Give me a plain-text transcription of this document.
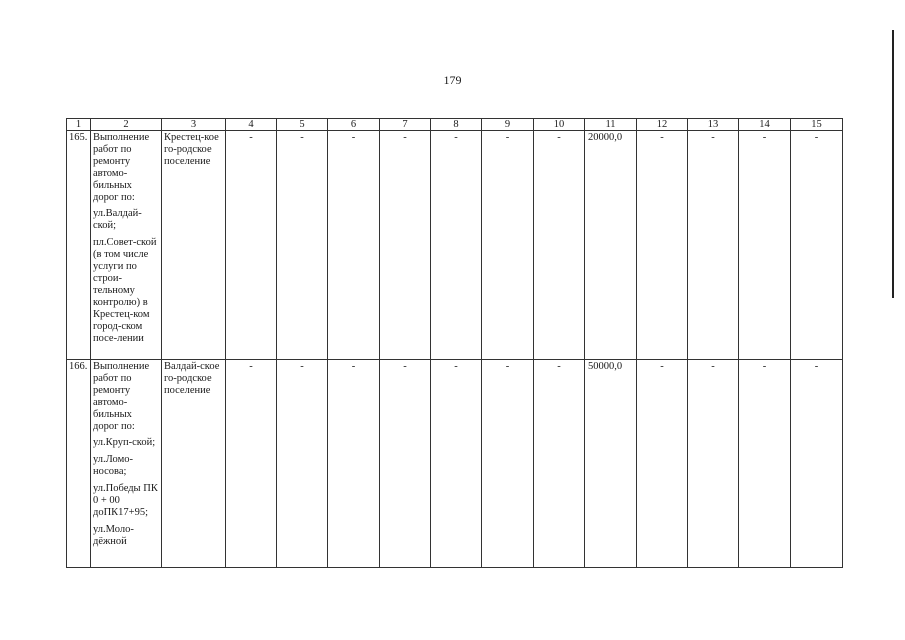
179
1	2	3	4	5	6	7	8	9	10	11	12	13	14	15
165.	Выполнение работ по ремонту автомо-бильных дорог по:

ул.Валдай-ской;

пл.Совет-ской (в том числе услуги по строи-тельному контролю) в Крестец-ком город-ском посе-лении	Крестец-кое го-родское поселение	-	-	-	-	-	-	-	20000,0	-	-	-	-
166.	Выполнение работ по ремонту автомо-бильных дорог по:

ул.Круп-ской;

ул.Ломо-носова;

ул.Победы ПК 0 + 00 доПК17+95;

ул.Моло-дёжной	Валдай-ское го-родское поселение	-	-	-	-	-	-	-	50000,0	-	-	-	-
